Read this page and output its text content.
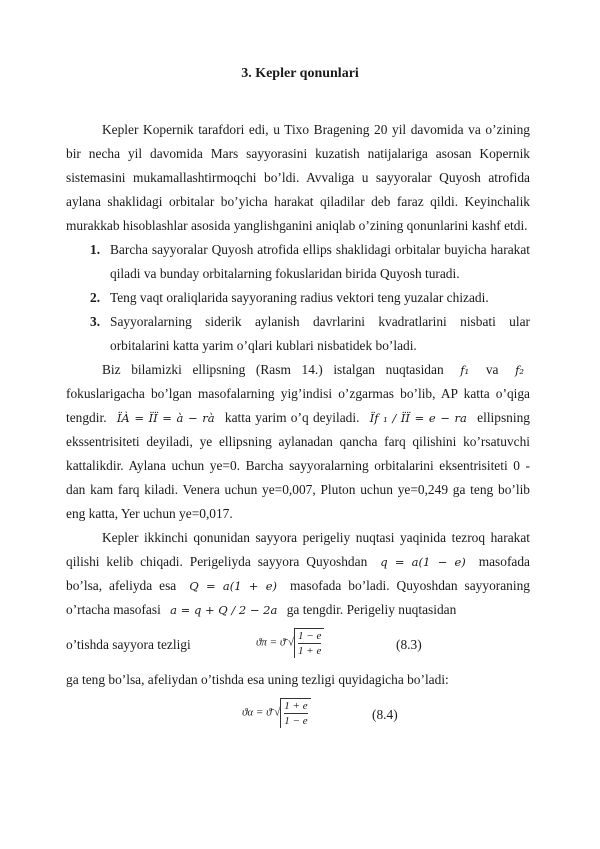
3. Kepler qonunlari

Kepler Kopernik tarafdori edi, u Tixo Bragening 20 yil davomida va o’zining bir necha yil davomida Mars sayyorasini kuzatish natijalariga asosan Kopernik sistemasini mukamallashtirmoqchi bo’ldi. Avvaliga u sayyoralar Quyosh atrofida aylana shaklidagi orbitalar bo’yicha harakat qiladilar deb faraz qildi. Keyinchalik murakkab hisoblashlar asosida yanglishganini aniqlab o’zining qonunlarini kashf etdi.

1. Barcha sayyoralar Quyosh atrofida ellips shaklidagi orbitalar buyicha harakat qiladi va bunday orbitalarning fokuslaridan birida Quyosh turadi.
2. Teng vaqt oraliqlarida sayyoraning radius vektori teng yuzalar chizadi.
3. Sayyoralarning siderik aylanish davrlarini kvadratlarini nisbati ular orbitalarini katta yarim o’qlari kublari nisbatidek bo’ladi.

Biz bilamizki ellipsning (Rasm 14.) istalgan nuqtasidan f₁ va f₂ fokuslarigacha bo’lgan masofalarning yig’indisi o’zgarmas bo’lib, AP katta o’qiga tengdir. ÏÀ = ÏÏ = à − rà katta yarim o’q deyiladi. Ïf ₁ / ÏÏ = e − ra ellipsning ekssentrisiteti deyiladi, ye ellipsning aylanadan qancha farq qilishini ko’rsatuvchi kattalikdir. Aylana uchun ye=0. Barcha sayyoralarning orbitalarini eksentrisiteti 0 - dan kam farq kiladi. Venera uchun ye=0,007, Pluton uchun ye=0,249 ga teng bo’lib eng katta, Yer uchun ye=0,017.

Kepler ikkinchi qonunidan sayyora perigeliy nuqtasi yaqinida tezroq harakat qilishi kelib chiqadi. Perigeliyda sayyora Quyoshdan q = a(1 − e) masofada bo’lsa, afeliyda esa Q = a(1 + e) masofada bo’ladi. Quyoshdan sayyoraning o’rtacha masofasi a = q + Q / 2 − 2a ga tengdir. Perigeliy nuqtasidan

o’tishda sayyora tezligi	ϑπ = ϑ̄ √ $\frac{1 - e}{1 + e}$	(8.3)
ga teng bo’lsa, afeliydan o’tishda esa uning tezligi quyidagicha bo’ladi:
ϑα = ϑ̄ √ $\frac{1 + e}{1 - e}$	(8.4)
